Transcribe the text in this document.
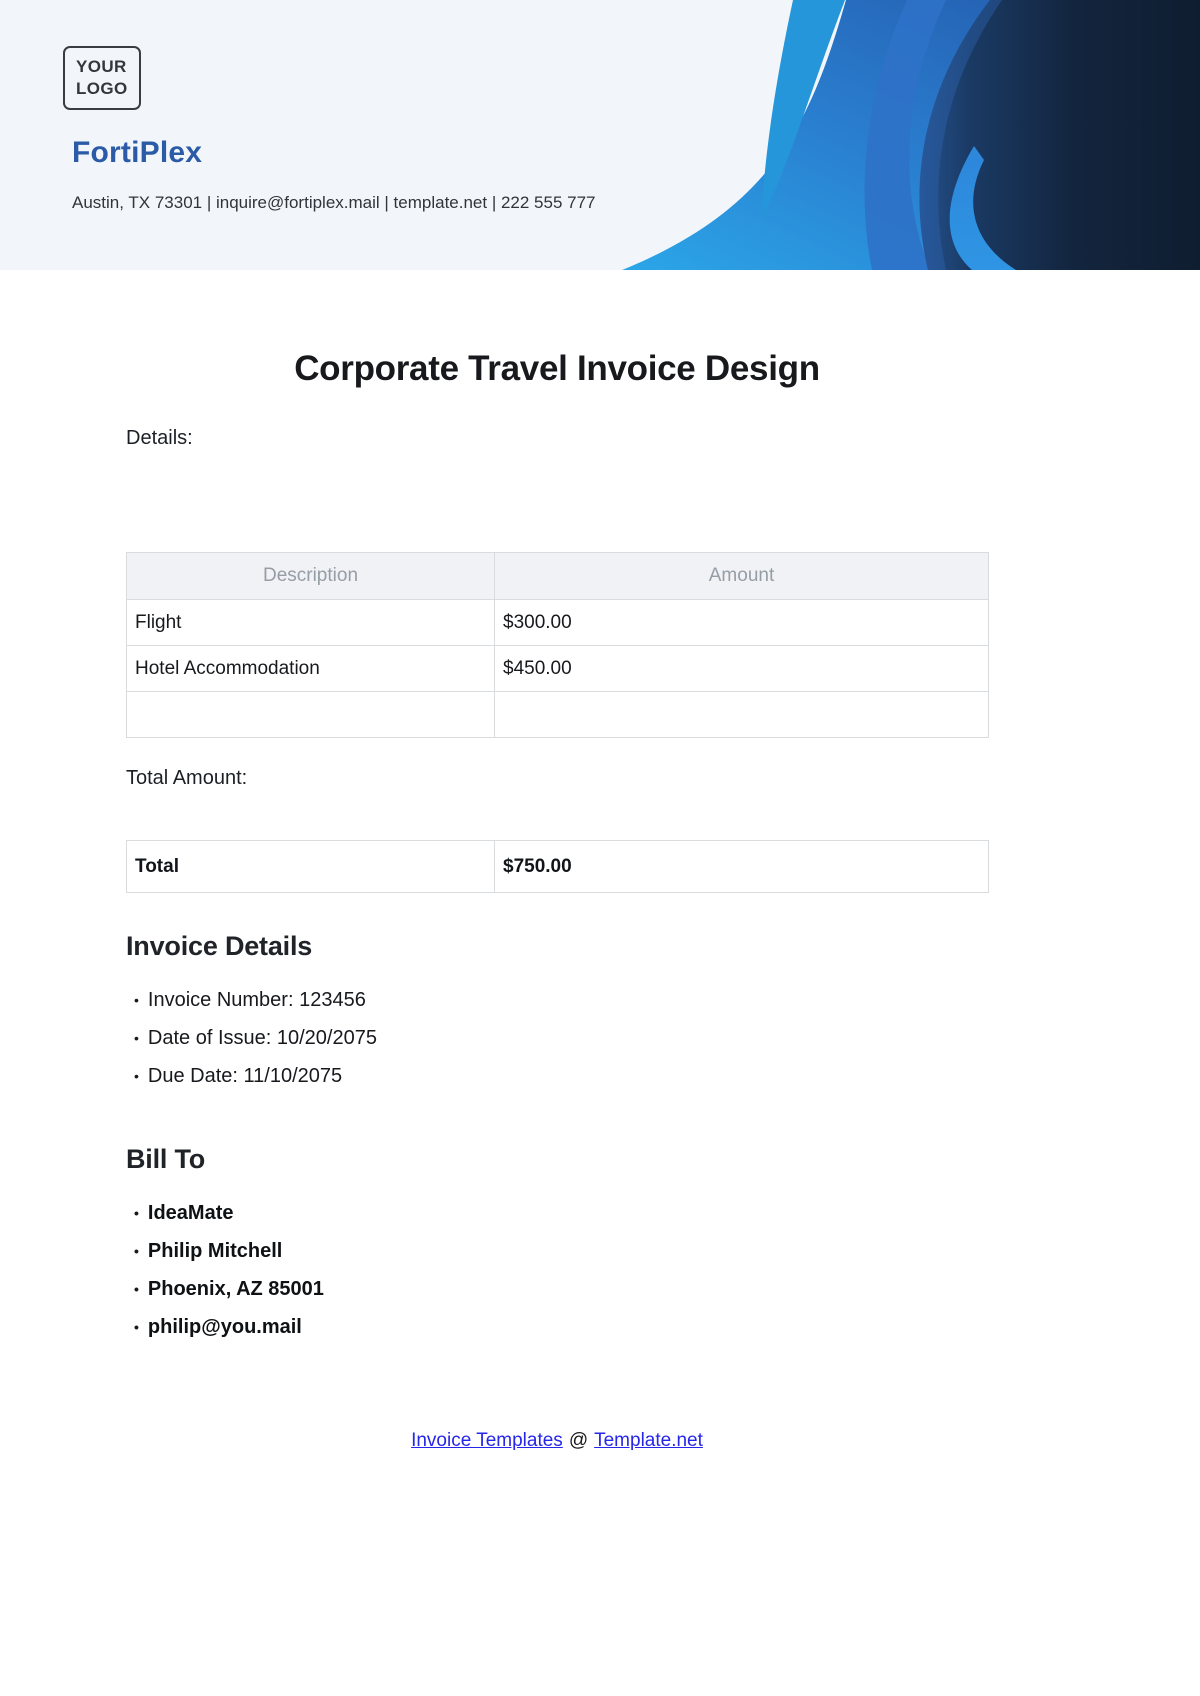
YOUR
LOGO
FortiPlex
Austin, TX 73301 | inquire@fortiplex.mail | template.net | 222 555 777
Corporate Travel Invoice Design

Details:

Description	Amount
Flight	$300.00
Hotel Accommodation	$450.00

Total Amount:

Total	$750.00
Invoice Details
• Invoice Number: 123456
• Date of Issue: 10/20/2075
• Due Date: 11/10/2075
Bill To
• IdeaMate
• Philip Mitchell
• Phoenix, AZ 85001
• philip@you.mail
Invoice Templates @ Template.net
